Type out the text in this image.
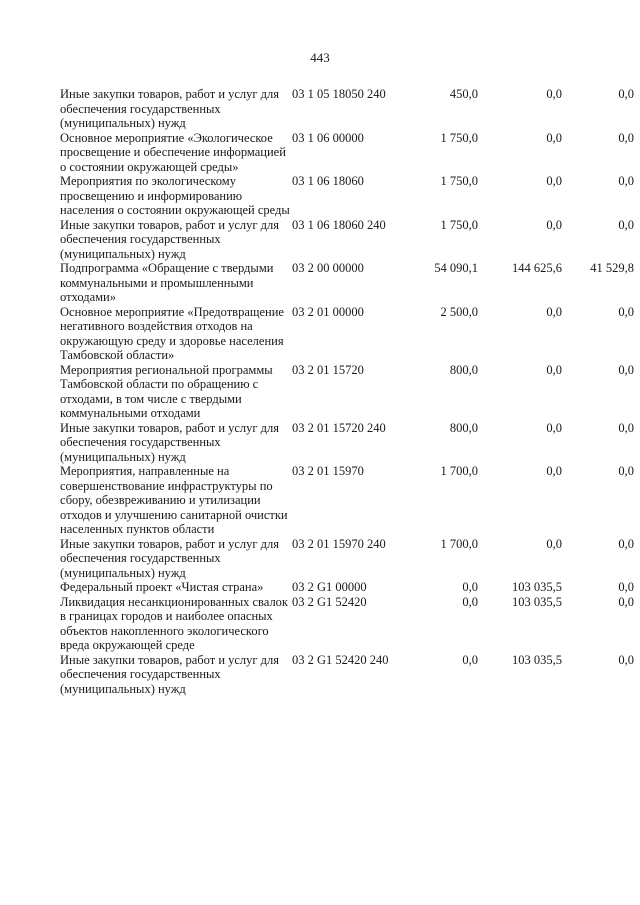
443
Иные закупки товаров, работ и услуг для обеспечения государственных (муниципальных) нужд	03 1 05 18050 240	450,0	0,0	0,0
Основное мероприятие «Экологическое просвещение и обеспечение информацией о состоянии окружающей среды»	03 1 06 00000	1 750,0	0,0	0,0
Мероприятия по экологическому просвещению и информированию населения о состоянии окружающей среды	03 1 06 18060	1 750,0	0,0	0,0
Иные закупки товаров, работ и услуг для обеспечения государственных (муниципальных) нужд	03 1 06 18060 240	1 750,0	0,0	0,0
Подпрограмма «Обращение с твердыми коммунальными и промышленными отходами»	03 2 00 00000	54 090,1	144 625,6	41 529,8
Основное мероприятие «Предотвращение негативного воздействия отходов на окружающую среду и здоровье населения Тамбовской области»	03 2 01 00000	2 500,0	0,0	0,0
Мероприятия региональной программы Тамбовской области по обращению с отходами, в том числе с твердыми коммунальными отходами	03 2 01 15720	800,0	0,0	0,0
Иные закупки товаров, работ и услуг для обеспечения государственных (муниципальных) нужд	03 2 01 15720 240	800,0	0,0	0,0
Мероприятия, направленные на совершенствование инфраструктуры по сбору, обезвреживанию и утилизации отходов и улучшению санитарной очистки населенных пунктов области	03 2 01 15970	1 700,0	0,0	0,0
Иные закупки товаров, работ и услуг для обеспечения государственных (муниципальных) нужд	03 2 01 15970 240	1 700,0	0,0	0,0
Федеральный проект «Чистая страна»	03 2 G1 00000	0,0	103 035,5	0,0
Ликвидация несанкционированных свалок в границах городов и наиболее опасных объектов накопленного экологического вреда окружающей среде	03 2 G1 52420	0,0	103 035,5	0,0
Иные закупки товаров, работ и услуг для обеспечения государственных (муниципальных) нужд	03 2 G1 52420 240	0,0	103 035,5	0,0
